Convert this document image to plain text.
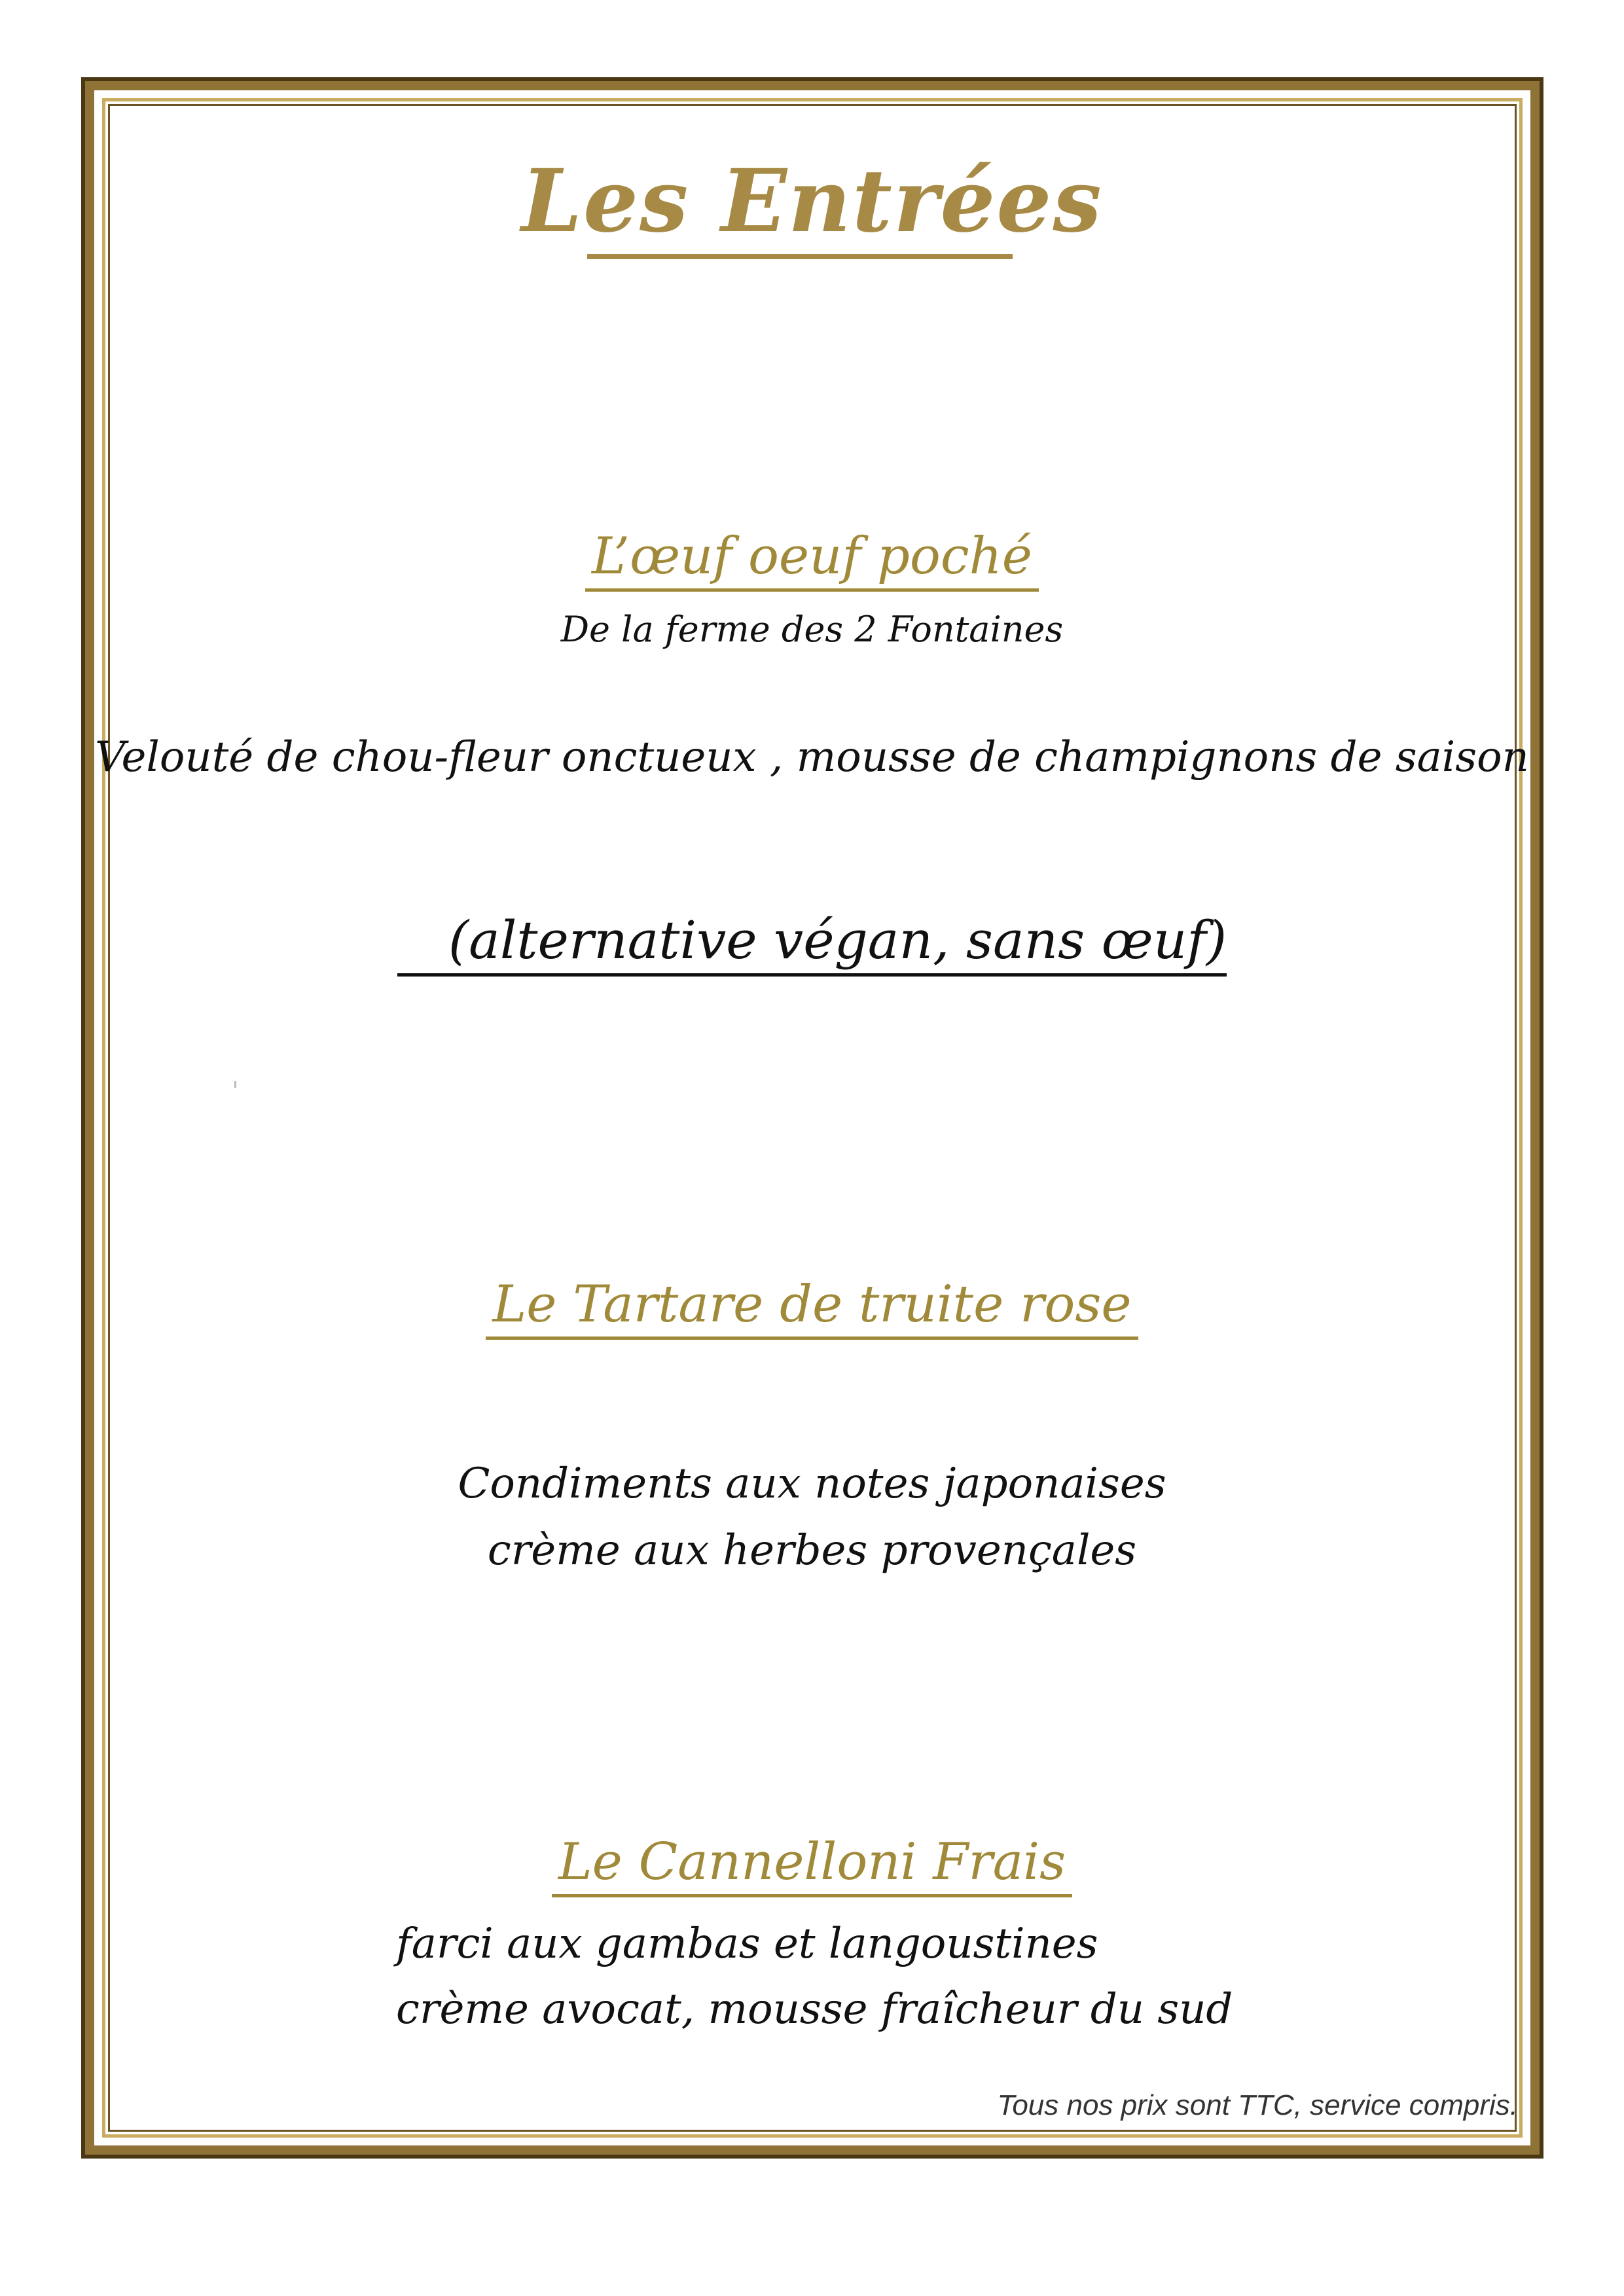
Les Entrées
L’œuf oeuf poché
De la ferme des 2 Fontaines
Velouté de chou-fleur onctueux , mousse de champignons de saison
(alternative végan, sans œuf)
Le Tartare de truite rose
Condiments aux notes japonaises
crème aux herbes provençales
Le Cannelloni Frais
farci aux gambas et langoustines
crème avocat, mousse fraîcheur du sud
Tous nos prix sont TTC, service compris.
